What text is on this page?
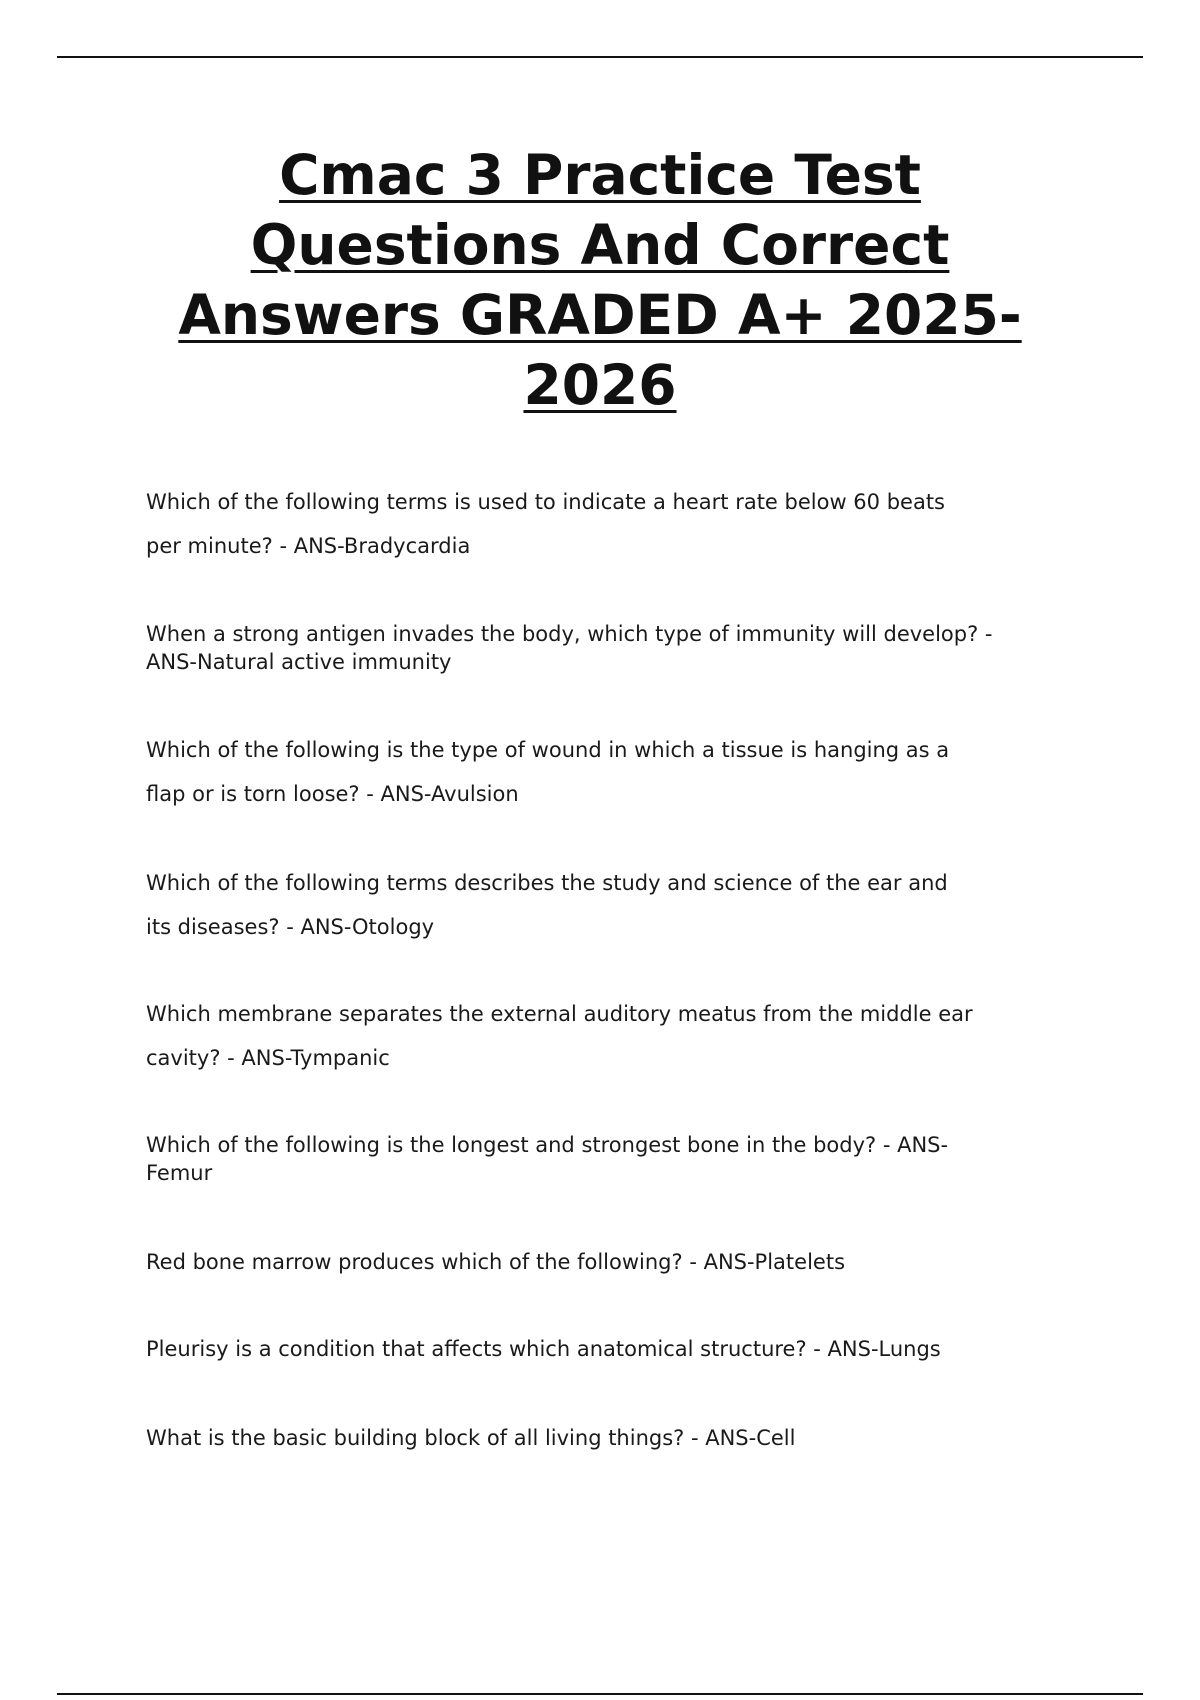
Cmac 3 Practice Test
Questions And Correct
Answers GRADED A+ 2025-
2026
Which of the following terms is used to indicate a heart rate below 60 beats
per minute? - ANS-Bradycardia
When a strong antigen invades the body, which type of immunity will develop? -
ANS-Natural active immunity
Which of the following is the type of wound in which a tissue is hanging as a
flap or is torn loose? - ANS-Avulsion
Which of the following terms describes the study and science of the ear and
its diseases? - ANS-Otology
Which membrane separates the external auditory meatus from the middle ear
cavity? - ANS-Tympanic
Which of the following is the longest and strongest bone in the body? - ANS-
Femur
Red bone marrow produces which of the following? - ANS-Platelets
Pleurisy is a condition that affects which anatomical structure? - ANS-Lungs
What is the basic building block of all living things? - ANS-Cell
